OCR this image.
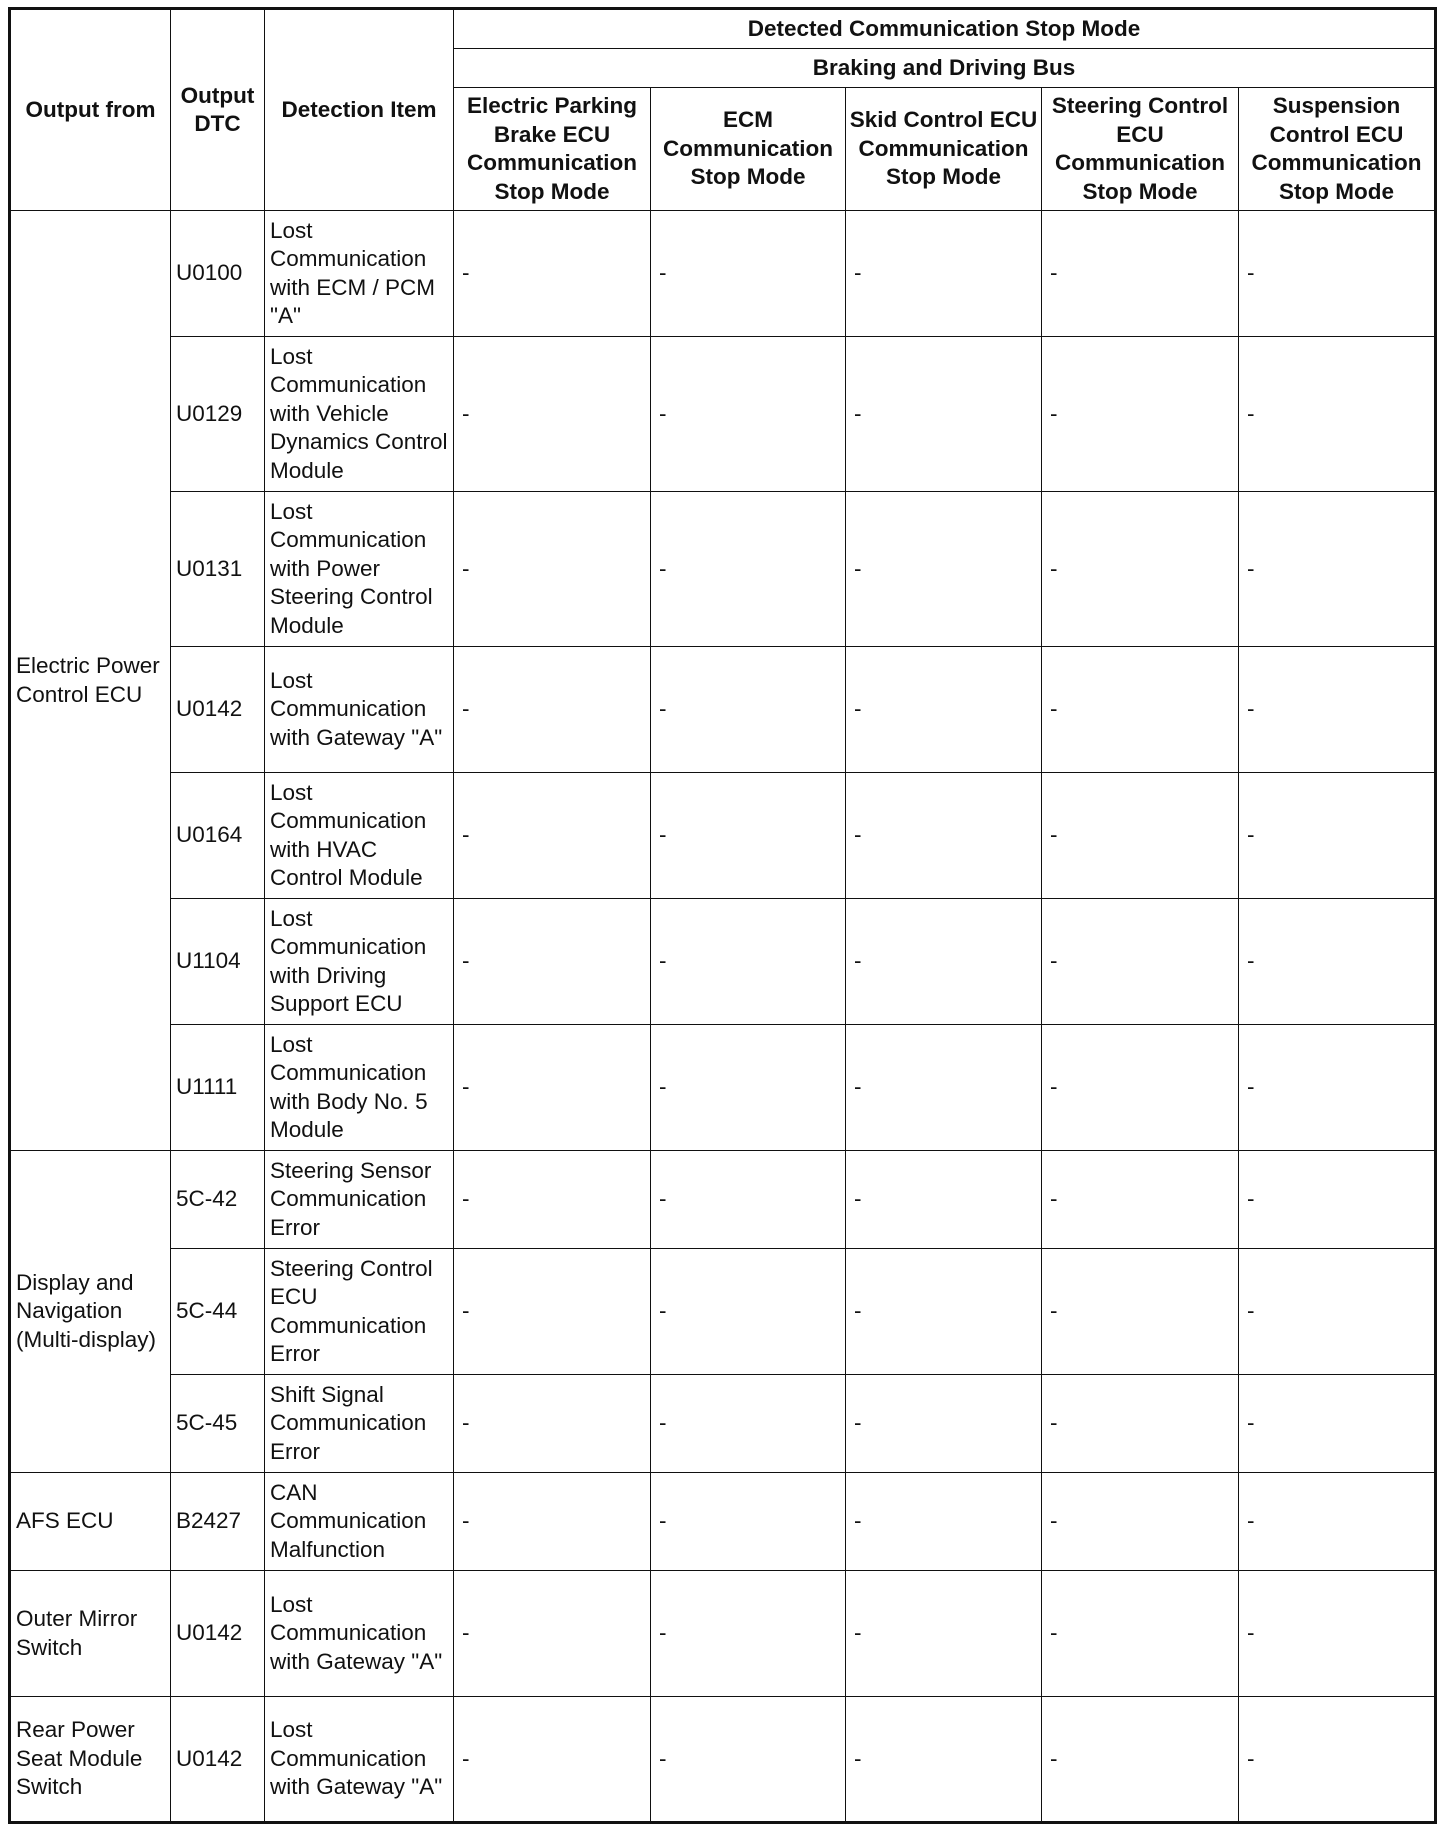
Output from	Output DTC	Detection Item	Detected Communication Stop Mode				
			Braking and Driving Bus				
			Electric Parking Brake ECU Communication Stop Mode	ECM Communication Stop Mode	Skid Control ECU Communication Stop Mode	Steering Control ECU Communication Stop Mode	Suspension Control ECU Communication Stop Mode
Electric Power Control ECU	U0100	Lost Communication with ECM / PCM "A"	-	-	-	-	-
	U0129	Lost Communication with Vehicle Dynamics Control Module	-	-	-	-	-
	U0131	Lost Communication with Power Steering Control Module	-	-	-	-	-
	U0142	Lost Communication with Gateway "A"	-	-	-	-	-
	U0164	Lost Communication with HVAC Control Module	-	-	-	-	-
	U1104	Lost Communication with Driving Support ECU	-	-	-	-	-
	U1111	Lost Communication with Body No. 5 Module	-	-	-	-	-
Display and Navigation (Multi-display)	5C-42	Steering Sensor Communication Error	-	-	-	-	-
	5C-44	Steering Control ECU Communication Error	-	-	-	-	-
	5C-45	Shift Signal Communication Error	-	-	-	-	-
AFS ECU	B2427	CAN Communication Malfunction	-	-	-	-	-
Outer Mirror Switch	U0142	Lost Communication with Gateway "A"	-	-	-	-	-
Rear Power Seat Module Switch	U0142	Lost Communication with Gateway "A"	-	-	-	-	-
